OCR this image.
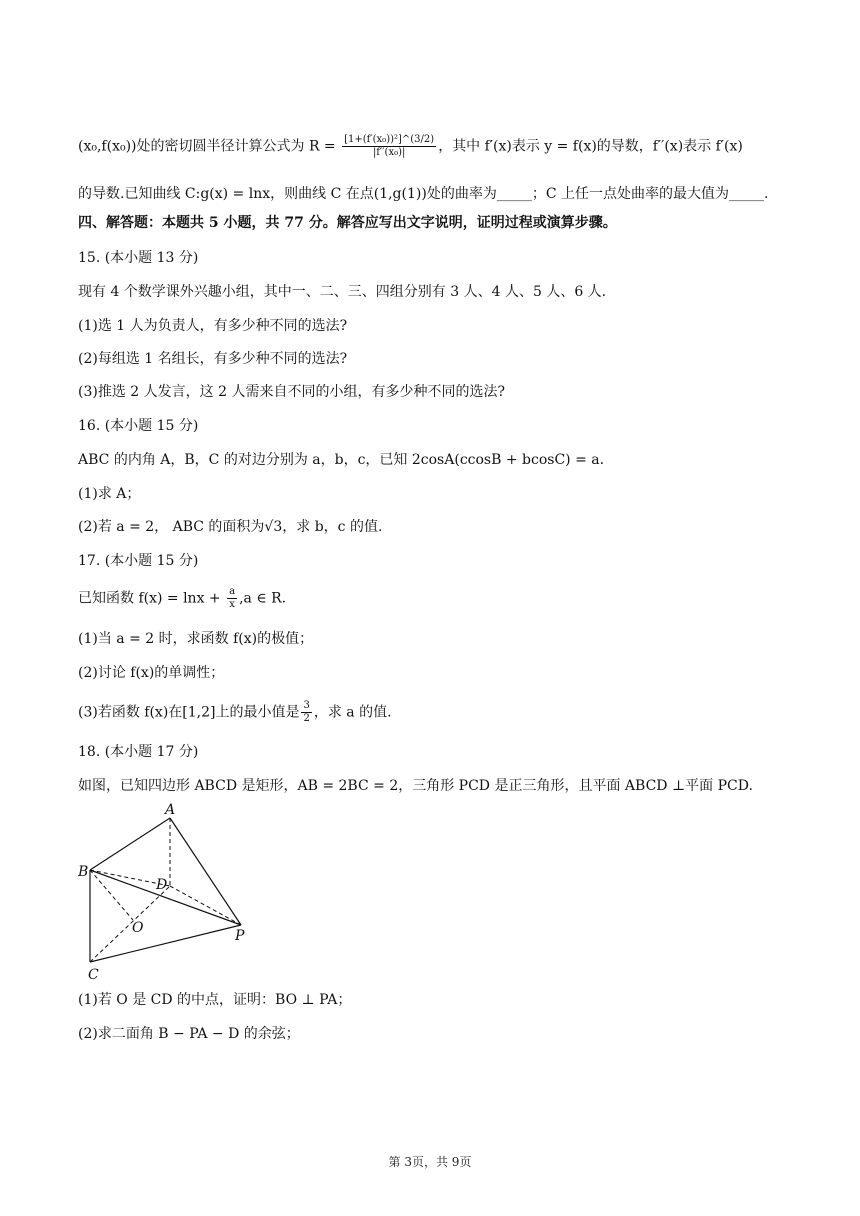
(x₀,f(x₀))处的密切圆半径计算公式为 $R = \frac{\text{[1+(f′(x₀))²]\textasciicircum{}(3/2)}}{\text{|f′′(x₀)|}}$ ，其中 f′(x)表示 y = f(x)的导数，f′′(x)表示 f′(x)
的导数.已知曲线 C:g(x) = lnx，则曲线 C 在点(1,g(1))处的曲率为_____；C 上任一点处曲率的最大值为_____.
四、解答题：本题共 5 小题，共 77 分。解答应写出文字说明，证明过程或演算步骤。
15. (本小题 13 分)
现有 4 个数学课外兴趣小组，其中一、二、三、四组分别有 3 人、4 人、5 人、6 人.
(1)选 1 人为负责人，有多少种不同的选法?
(2)每组选 1 名组长，有多少种不同的选法?
(3)推选 2 人发言，这 2 人需来自不同的小组，有多少种不同的选法?
16. (本小题 15 分)
ABC 的内角 A，B，C 的对边分别为 a，b，c，已知 2cosA(ccosB + bcosC) = a.
(1)求 A；
(2)若 a = 2， ABC 的面积为√3，求 b，c 的值.
17. (本小题 15 分)
已知函数 $f(x) = \ln x + \frac{a}{x} ,a$ ∈ R.
(1)当 a = 2 时，求函数 f(x)的极值；
(2)讨论 f(x)的单调性；
(3)若函数 f(x)在[1,2]上的最小值是 $\frac{3}{2}$ ，求 a 的值.
18. (本小题 17 分)
如图，已知四边形 ABCD 是矩形，AB = 2BC = 2，三角形 PCD 是正三角形，且平面 ABCD ⊥平面 PCD.
A
B
C
D
O	P
(1)若 O 是 CD 的中点，证明：BO ⊥ PA；
(2)求二面角 B − PA − D 的余弦；
第 3页，共 9页
